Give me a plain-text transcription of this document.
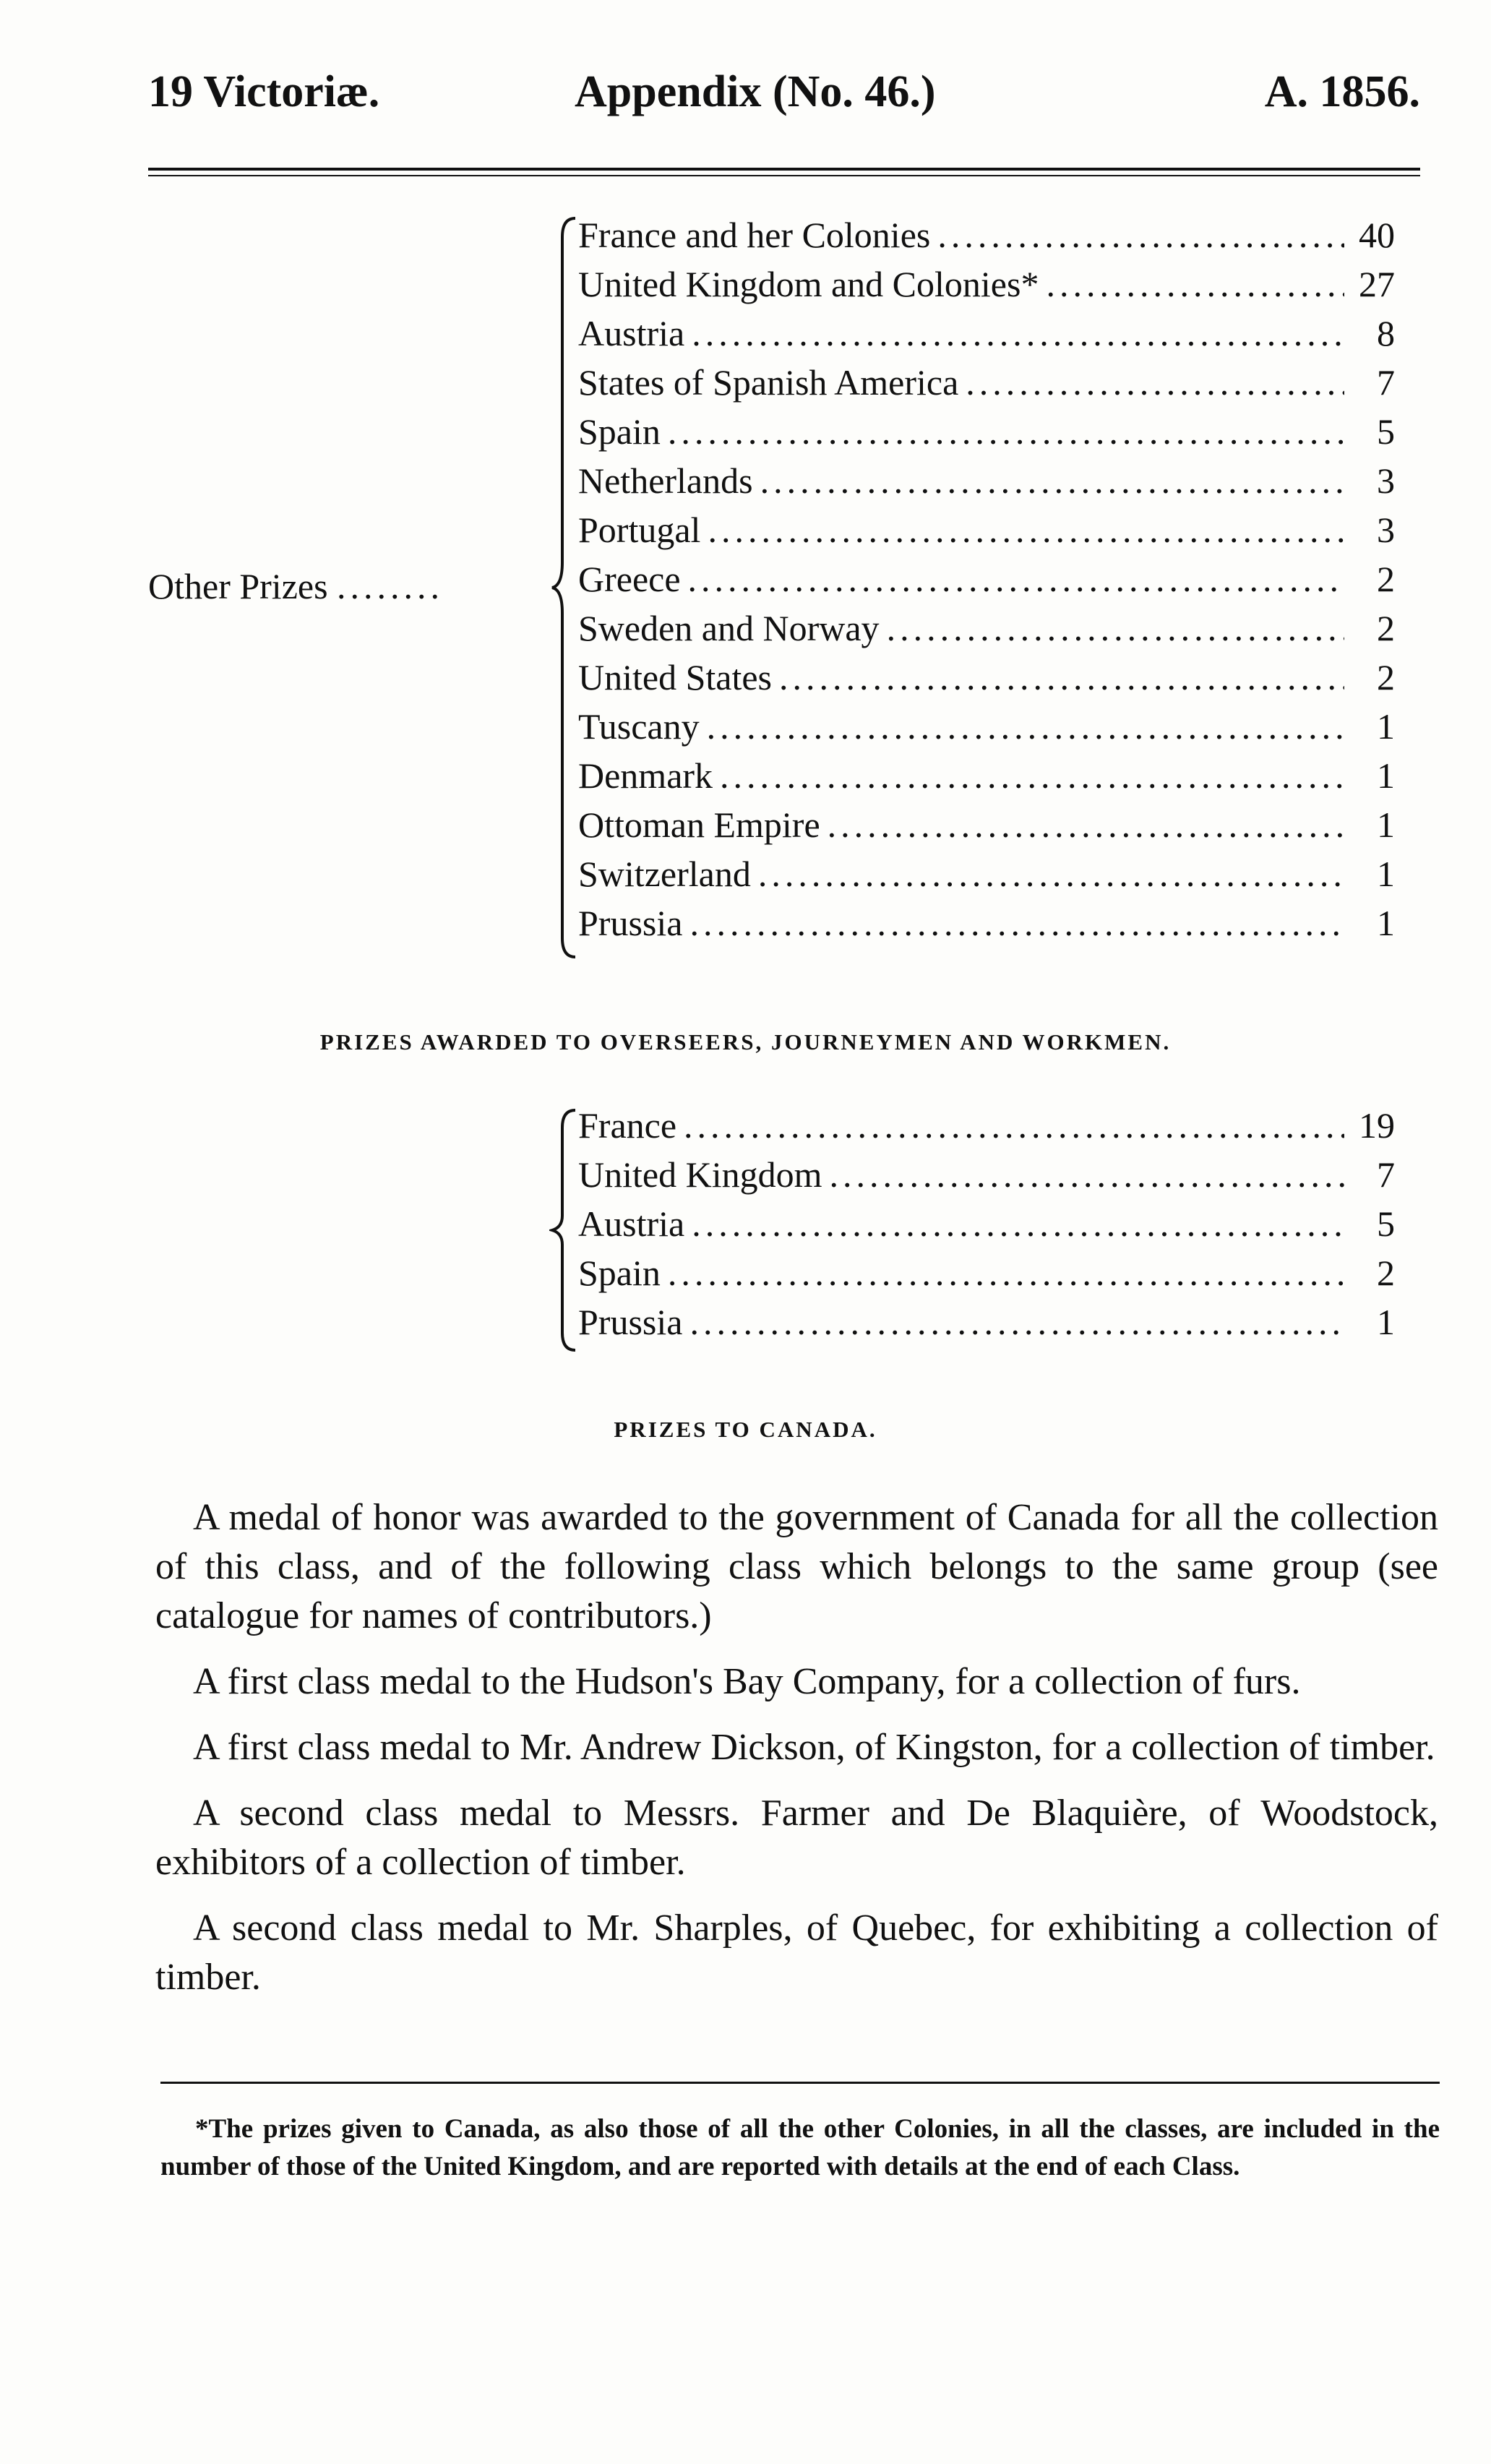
19 Victoriæ.	Appendix (No. 46.)	A. 1856.
Other Prizes ........
France and her Colonies .....	40
United Kingdom and Colonies* .....	27
Austria .....	8
States of Spanish America .....	7
Spain .....	5
Netherlands .....	3
Portugal .....	3
Greece .....	2
Sweden and Norway .....	2
United States .....	2
Tuscany .....	1
Denmark .....	1
Ottoman Empire .....	1
Switzerland .....	1
Prussia .....	1
PRIZES AWARDED TO OVERSEERS, JOURNEYMEN AND WORKMEN.
France .....	19
United Kingdom .....	7
Austria .....	5
Spain .....	2
Prussia .....	1
PRIZES TO CANADA.

A medal of honor was awarded to the government of Canada for all the collection of this class, and of the following class which belongs to the same group (see catalogue for names of contributors.)

A first class medal to the Hudson's Bay Company, for a collection of furs.

A first class medal to Mr. Andrew Dickson, of Kingston, for a collection of timber.

A second class medal to Messrs. Farmer and De Blaquière, of Woodstock, exhibitors of a collection of timber.

A second class medal to Mr. Sharples, of Quebec, for exhibiting a collection of timber.

*The prizes given to Canada, as also those of all the other Colonies, in all the classes, are included in the number of those of the United Kingdom, and are reported with details at the end of each Class.
